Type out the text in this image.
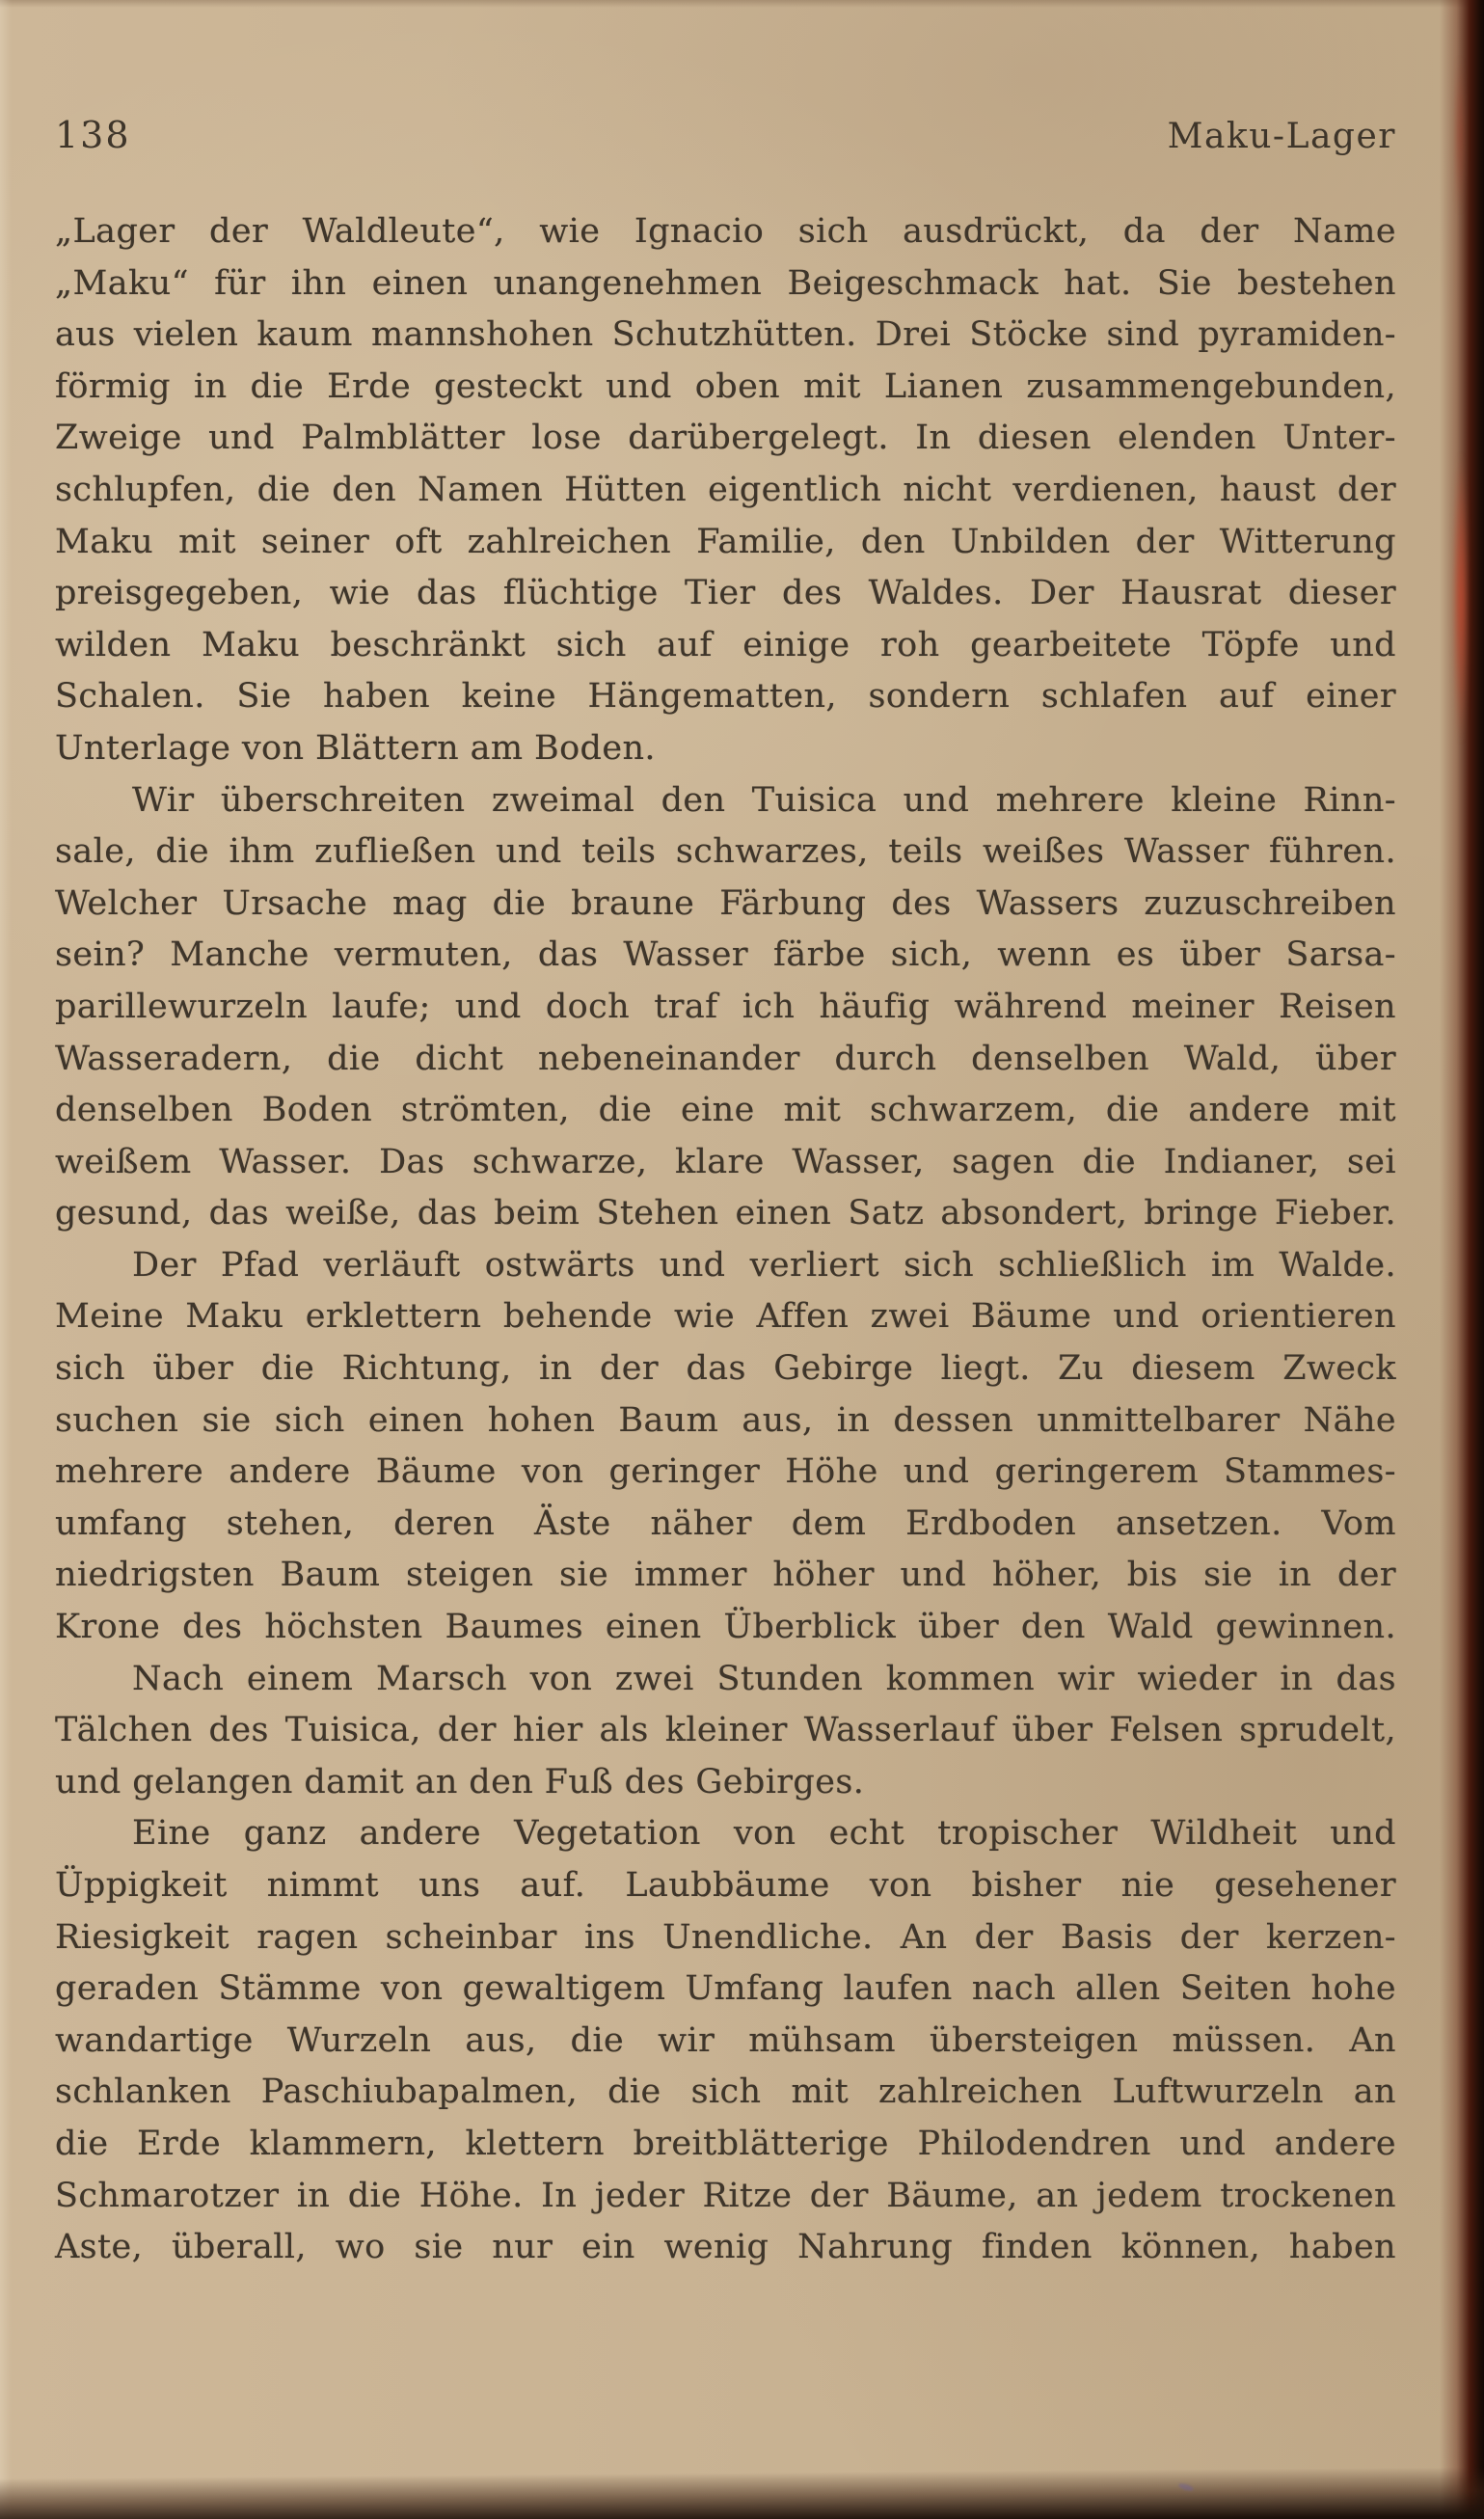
138	Maku-Lager
„Lager der Waldleute“, wie Ignacio sich ausdrückt, da der Name
„Maku“ für ihn einen unangenehmen Beigeschmack hat. Sie bestehen
aus vielen kaum mannshohen Schutzhütten. Drei Stöcke sind pyramiden-
förmig in die Erde gesteckt und oben mit Lianen zusammengebunden,
Zweige und Palmblätter lose darübergelegt. In diesen elenden Unter-
schlupfen, die den Namen Hütten eigentlich nicht verdienen, haust der
Maku mit seiner oft zahlreichen Familie, den Unbilden der Witterung
preisgegeben, wie das flüchtige Tier des Waldes. Der Hausrat dieser
wilden Maku beschränkt sich auf einige roh gearbeitete Töpfe und
Schalen. Sie haben keine Hängematten, sondern schlafen auf einer
Unterlage von Blättern am Boden.
Wir überschreiten zweimal den Tuisica und mehrere kleine Rinn-
sale, die ihm zufließen und teils schwarzes, teils weißes Wasser führen.
Welcher Ursache mag die braune Färbung des Wassers zuzuschreiben
sein? Manche vermuten, das Wasser färbe sich, wenn es über Sarsa-
parillewurzeln laufe; und doch traf ich häufig während meiner Reisen
Wasseradern, die dicht nebeneinander durch denselben Wald, über
denselben Boden strömten, die eine mit schwarzem, die andere mit
weißem Wasser. Das schwarze, klare Wasser, sagen die Indianer, sei
gesund, das weiße, das beim Stehen einen Satz absondert, bringe Fieber.
Der Pfad verläuft ostwärts und verliert sich schließlich im Walde.
Meine Maku erklettern behende wie Affen zwei Bäume und orientieren
sich über die Richtung, in der das Gebirge liegt. Zu diesem Zweck
suchen sie sich einen hohen Baum aus, in dessen unmittelbarer Nähe
mehrere andere Bäume von geringer Höhe und geringerem Stammes-
umfang stehen, deren Äste näher dem Erdboden ansetzen. Vom
niedrigsten Baum steigen sie immer höher und höher, bis sie in der
Krone des höchsten Baumes einen Überblick über den Wald gewinnen.
Nach einem Marsch von zwei Stunden kommen wir wieder in das
Tälchen des Tuisica, der hier als kleiner Wasserlauf über Felsen sprudelt,
und gelangen damit an den Fuß des Gebirges.
Eine ganz andere Vegetation von echt tropischer Wildheit und
Üppigkeit nimmt uns auf. Laubbäume von bisher nie gesehener
Riesigkeit ragen scheinbar ins Unendliche. An der Basis der kerzen-
geraden Stämme von gewaltigem Umfang laufen nach allen Seiten hohe
wandartige Wurzeln aus, die wir mühsam übersteigen müssen. An
schlanken Paschiubapalmen, die sich mit zahlreichen Luftwurzeln an
die Erde klammern, klettern breitblätterige Philodendren und andere
Schmarotzer in die Höhe. In jeder Ritze der Bäume, an jedem trockenen
Aste, überall, wo sie nur ein wenig Nahrung finden können, haben
